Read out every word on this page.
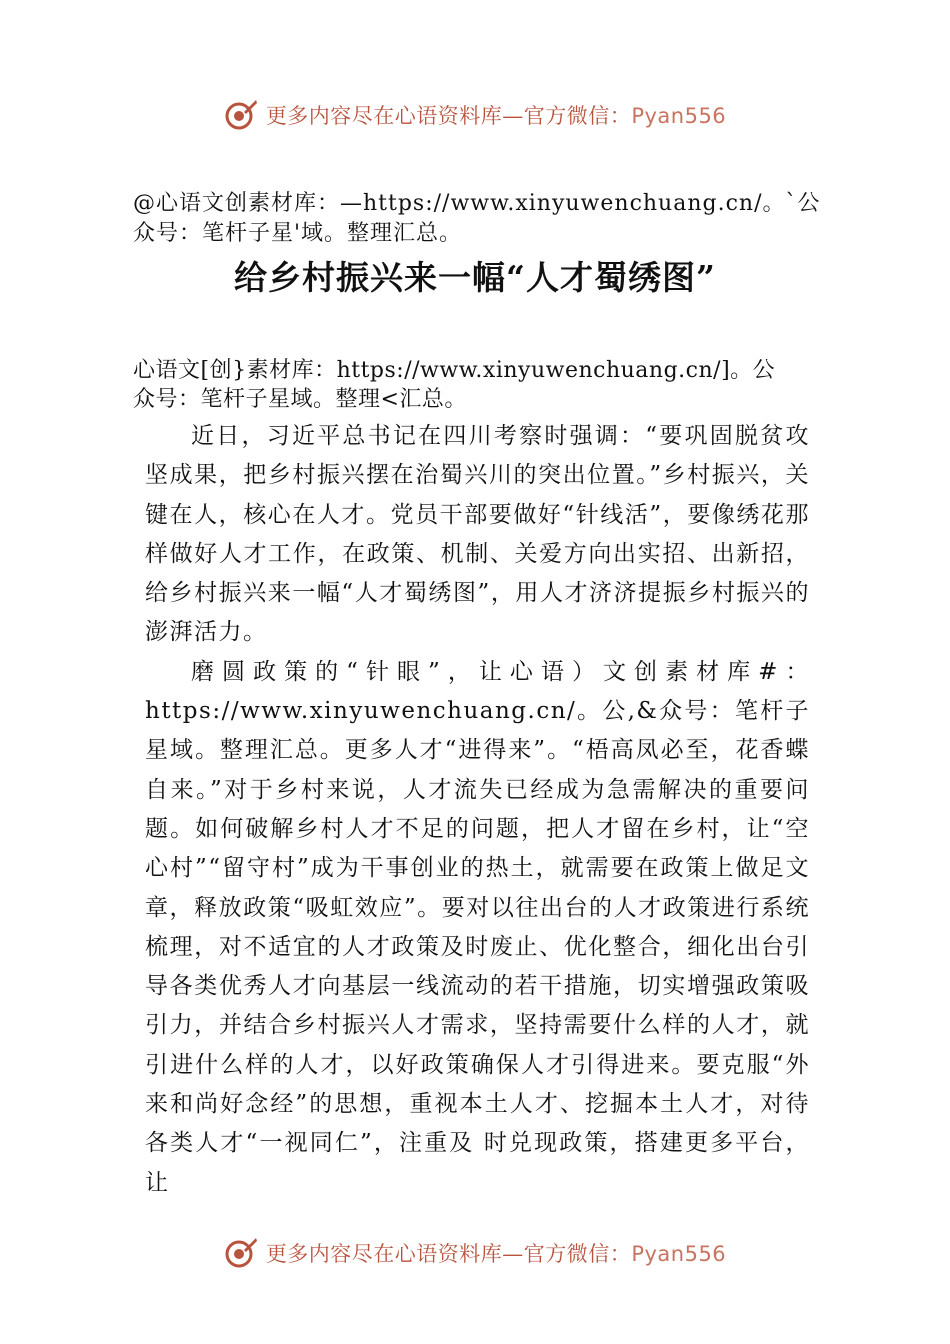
更多内容尽在心语资料库—官方微信：Pyan556
@心语文创素材库：—https://www.xinyuwenchuang.cn/。`公
众号：笔杆子星'域。整理汇总。
给乡村振兴来一幅“人才蜀绣图”
心语文[创}素材库：https://www.xinyuwenchuang.cn/]。公
众号：笔杆子星域。整理<汇总。

近日，习近平总书记在四川考察时强调：“要巩固脱贫攻坚成果，把乡村振兴摆在治蜀兴川的突出位置。”乡村振兴，关键在人，核心在人才。党员干部要做好“针线活”，要像绣花那样做好人才工作，在政策、机制、关爱方向出实招、出新招，给乡村振兴来一幅“人才蜀绣图”，用人才济济提振乡村振兴的澎湃活力。

磨圆政策的“针眼”，让心语）文创素材库#：https://www.xinyuwenchuang.cn/。公,&众号：笔杆子星域。整理汇总。更多人才“进得来”。“梧高凤必至，花香蝶自来。”对于乡村来说，人才流失已经成为急需解决的重要问题。如何破解乡村人才不足的问题，把人才留在乡村，让“空心村”“留守村”成为干事创业的热土，就需要在政策上做足文章，释放政策“吸虹效应”。要对以往出台的人才政策进行系统梳理，对不适宜的人才政策及时废止、优化整合，细化出台引导各类优秀人才向基层一线流动的若干措施，切实增强政策吸引力，并结合乡村振兴人才需求，坚持需要什么样的人才，就引进什么样的人才，以好政策确保人才引得进来。要克服“外来和尚好念经”的思想，重视本土人才、挖掘本土人才，对待各类人才“一视同仁”，注重及 时兑现政策，搭建更多平台，让

更多内容尽在心语资料库—官方微信：Pyan556
